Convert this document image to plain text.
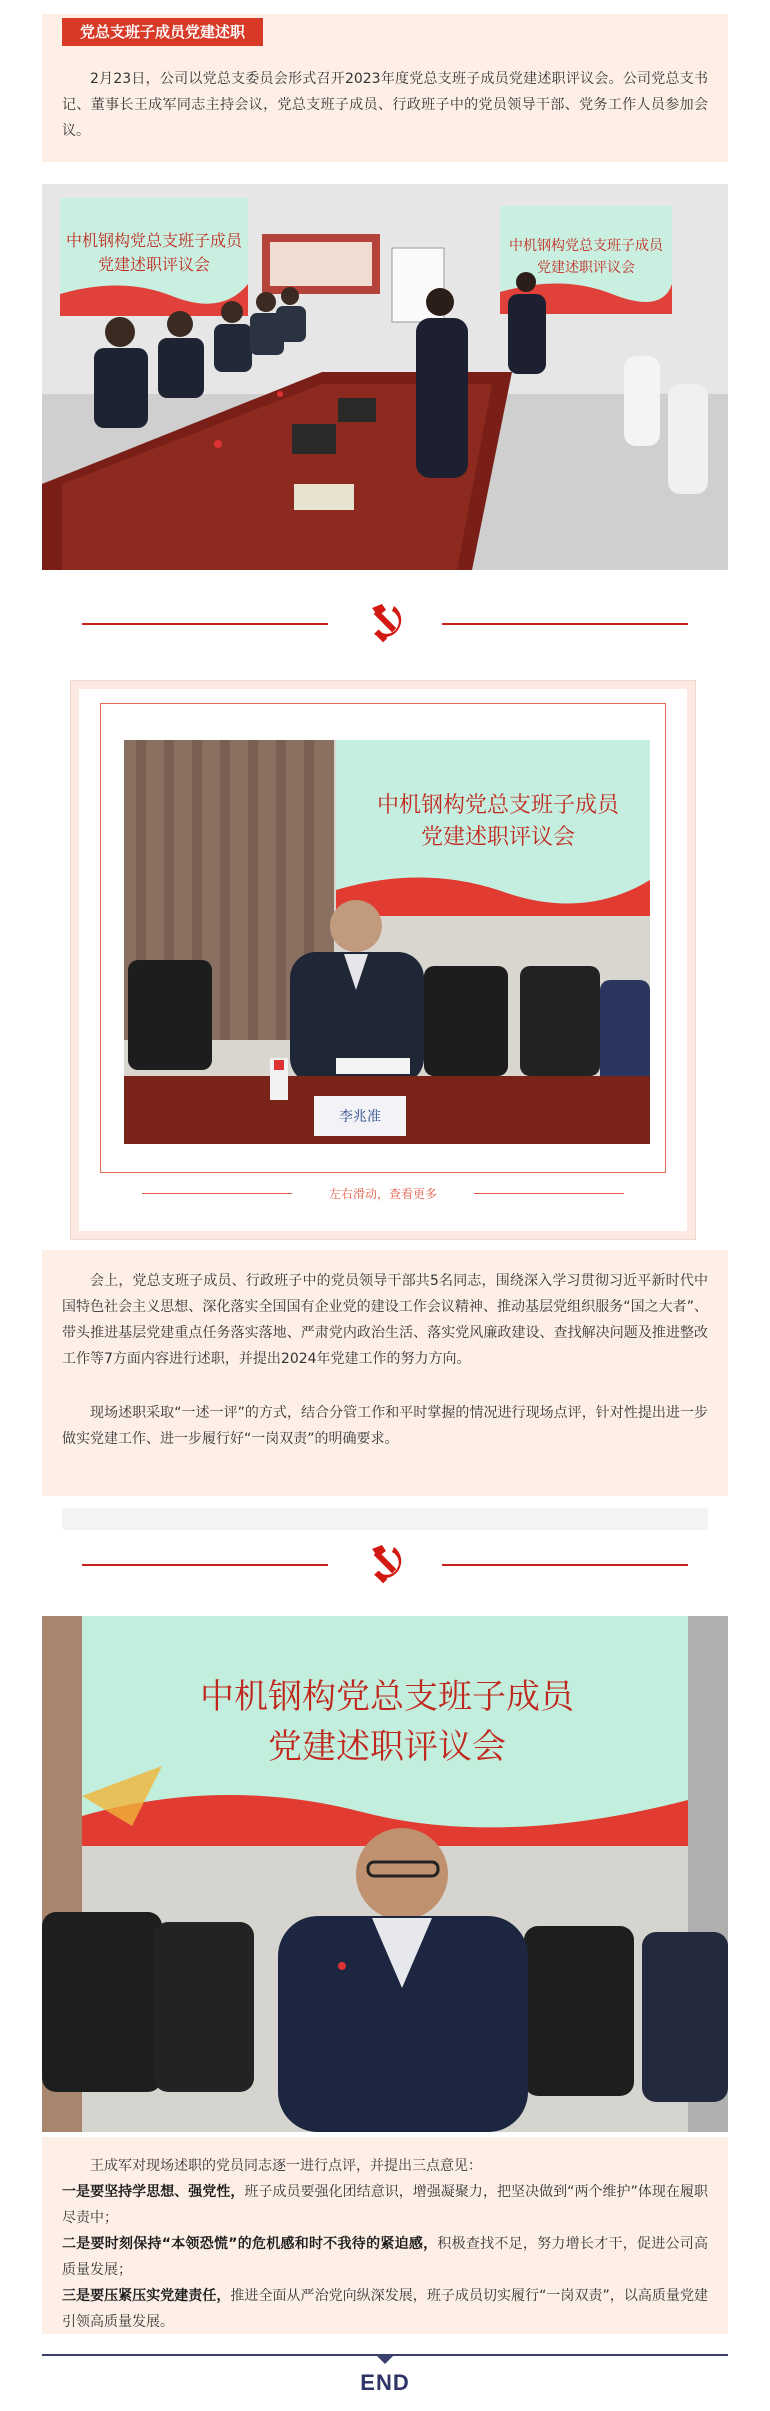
党总支班子成员党建述职

2月23日，公司以党总支委员会形式召开2023年度党总支班子成员党建述职评议会。公司党总支书记、董事长王成军同志主持会议，党总支班子成员、行政班子中的党员领导干部、党务工作人员参加会议。

中机钢构党总支班子成员
党建述职评议会
中机钢构党总支班子成员
党建述职评议会
中机钢构党总支班子成员
党建述职评议会
李兆准
左右滑动，查看更多

会上，党总支班子成员、行政班子中的党员领导干部共5名同志，围绕深入学习贯彻习近平新时代中国特色社会主义思想、深化落实全国国有企业党的建设工作会议精神、推动基层党组织服务“国之大者”、带头推进基层党建重点任务落实落地、严肃党内政治生活、落实党风廉政建设、查找解决问题及推进整改工作等7方面内容进行述职，并提出2024年党建工作的努力方向。

现场述职采取“一述一评”的方式，结合分管工作和平时掌握的情况进行现场点评，针对性提出进一步做实党建工作、进一步履行好“一岗双责”的明确要求。

中机钢构党总支班子成员
党建述职评议会

王成军对现场述职的党员同志逐一进行点评，并提出三点意见：

一是要坚持学思想、强党性，班子成员要强化团结意识，增强凝聚力，把坚决做到“两个维护”体现在履职尽责中；

二是要时刻保持“本领恐慌”的危机感和时不我待的紧迫感，积极查找不足，努力增长才干，促进公司高质量发展；

三是要压紧压实党建责任，推进全面从严治党向纵深发展，班子成员切实履行“一岗双责”，以高质量党建引领高质量发展。

END
